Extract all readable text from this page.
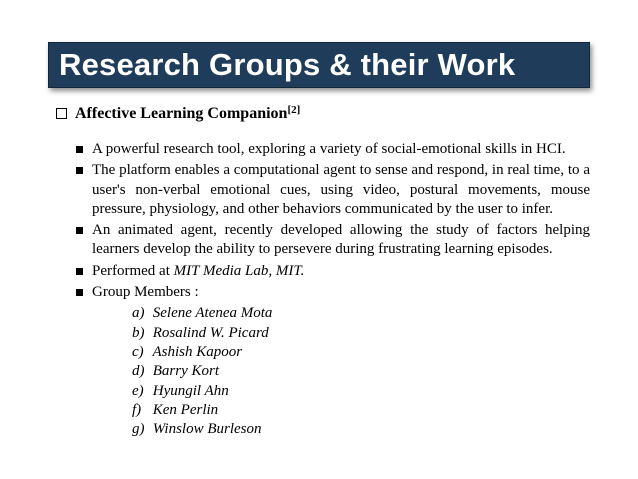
Research Groups & their Work
Affective Learning Companion[2]
A powerful research tool, exploring a variety of social-emotional skills in HCI.
The platform enables a computational agent to sense and respond, in real time, to a user's non-verbal emotional cues, using video, postural movements, mouse pressure, physiology, and other behaviors communicated by the user to infer.
An animated agent, recently developed allowing the study of factors helping learners develop the ability to persevere during frustrating learning episodes.
Performed at MIT Media Lab, MIT.
Group Members :
a) Selene Atenea Mota
b) Rosalind W. Picard
c) Ashish Kapoor
d) Barry Kort
e) Hyungil Ahn
f) Ken Perlin
g) Winslow Burleson
